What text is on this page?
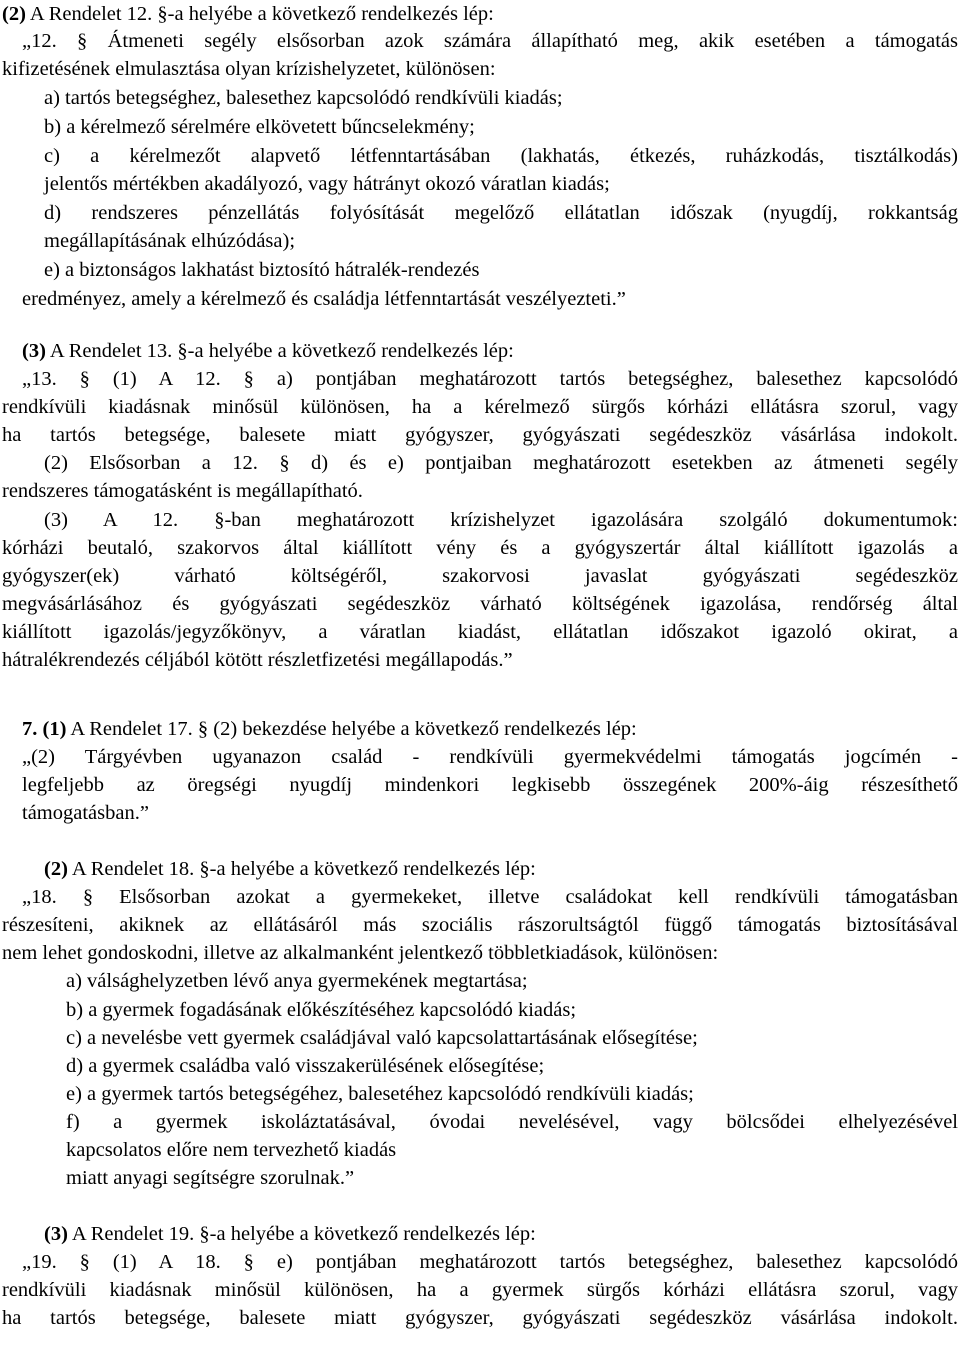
(2) A Rendelet 12. §-a helyébe a következő rendelkezés lép:
„12. § Átmeneti segély elsősorban azok számára állapítható meg, akik esetében a támogatás
kifizetésének elmulasztása olyan krízishelyzetet, különösen:
a) tartós betegséghez, balesethez kapcsolódó rendkívüli kiadás;
b) a kérelmező sérelmére elkövetett bűncselekmény;
c) a kérelmezőt alapvető létfenntartásában (lakhatás, étkezés, ruházkodás, tisztálkodás)
jelentős mértékben akadályozó, vagy hátrányt okozó váratlan kiadás;
d) rendszeres pénzellátás folyósítását megelőző ellátatlan időszak (nyugdíj, rokkantság
megállapításának elhúzódása);
e) a biztonságos lakhatást biztosító hátralék-rendezés
eredményez, amely a kérelmező és családja létfenntartását veszélyezteti.”
(3) A Rendelet 13. §-a helyébe a következő rendelkezés lép:
„13. § (1) A 12. § a) pontjában meghatározott tartós betegséghez, balesethez kapcsolódó
rendkívüli kiadásnak minősül különösen, ha a kérelmező sürgős kórházi ellátásra szorul, vagy
ha tartós betegsége, balesete miatt gyógyszer, gyógyászati segédeszköz vásárlása indokolt.
(2) Elsősorban a 12. § d) és e) pontjaiban meghatározott esetekben az átmeneti segély
rendszeres támogatásként is megállapítható.
(3) A 12. §-ban meghatározott krízishelyzet igazolására szolgáló dokumentumok:
kórházi beutaló, szakorvos által kiállított vény és a gyógyszertár által kiállított igazolás a
gyógyszer(ek) várható költségéről, szakorvosi javaslat gyógyászati segédeszköz
megvásárlásához és gyógyászati segédeszköz várható költségének igazolása, rendőrség által
kiállított igazolás/jegyzőkönyv, a váratlan kiadást, ellátatlan időszakot igazoló okirat, a
hátralékrendezés céljából kötött részletfizetési megállapodás.”
7. (1) A Rendelet 17. § (2) bekezdése helyébe a következő rendelkezés lép:
„(2) Tárgyévben ugyanazon család - rendkívüli gyermekvédelmi támogatás jogcímén -
legfeljebb az öregségi nyugdíj mindenkori legkisebb összegének 200%-áig részesíthető
támogatásban.”
(2) A Rendelet 18. §-a helyébe a következő rendelkezés lép:
„18. § Elsősorban azokat a gyermekeket, illetve családokat kell rendkívüli támogatásban
részesíteni, akiknek az ellátásáról más szociális rászorultságtól függő támogatás biztosításával
nem lehet gondoskodni, illetve az alkalmanként jelentkező többletkiadások, különösen:
a) válsághelyzetben lévő anya gyermekének megtartása;
b) a gyermek fogadásának előkészítéséhez kapcsolódó kiadás;
c) a nevelésbe vett gyermek családjával való kapcsolattartásának elősegítése;
d) a gyermek családba való visszakerülésének elősegítése;
e) a gyermek tartós betegségéhez, balesetéhez kapcsolódó rendkívüli kiadás;
f) a gyermek iskoláztatásával, óvodai nevelésével, vagy bölcsődei elhelyezésével
kapcsolatos előre nem tervezhető kiadás
miatt anyagi segítségre szorulnak.”
(3) A Rendelet 19. §-a helyébe a következő rendelkezés lép:
„19. § (1) A 18. § e) pontjában meghatározott tartós betegséghez, balesethez kapcsolódó
rendkívüli kiadásnak minősül különösen, ha a gyermek sürgős kórházi ellátásra szorul, vagy
ha tartós betegsége, balesete miatt gyógyszer, gyógyászati segédeszköz vásárlása indokolt.
